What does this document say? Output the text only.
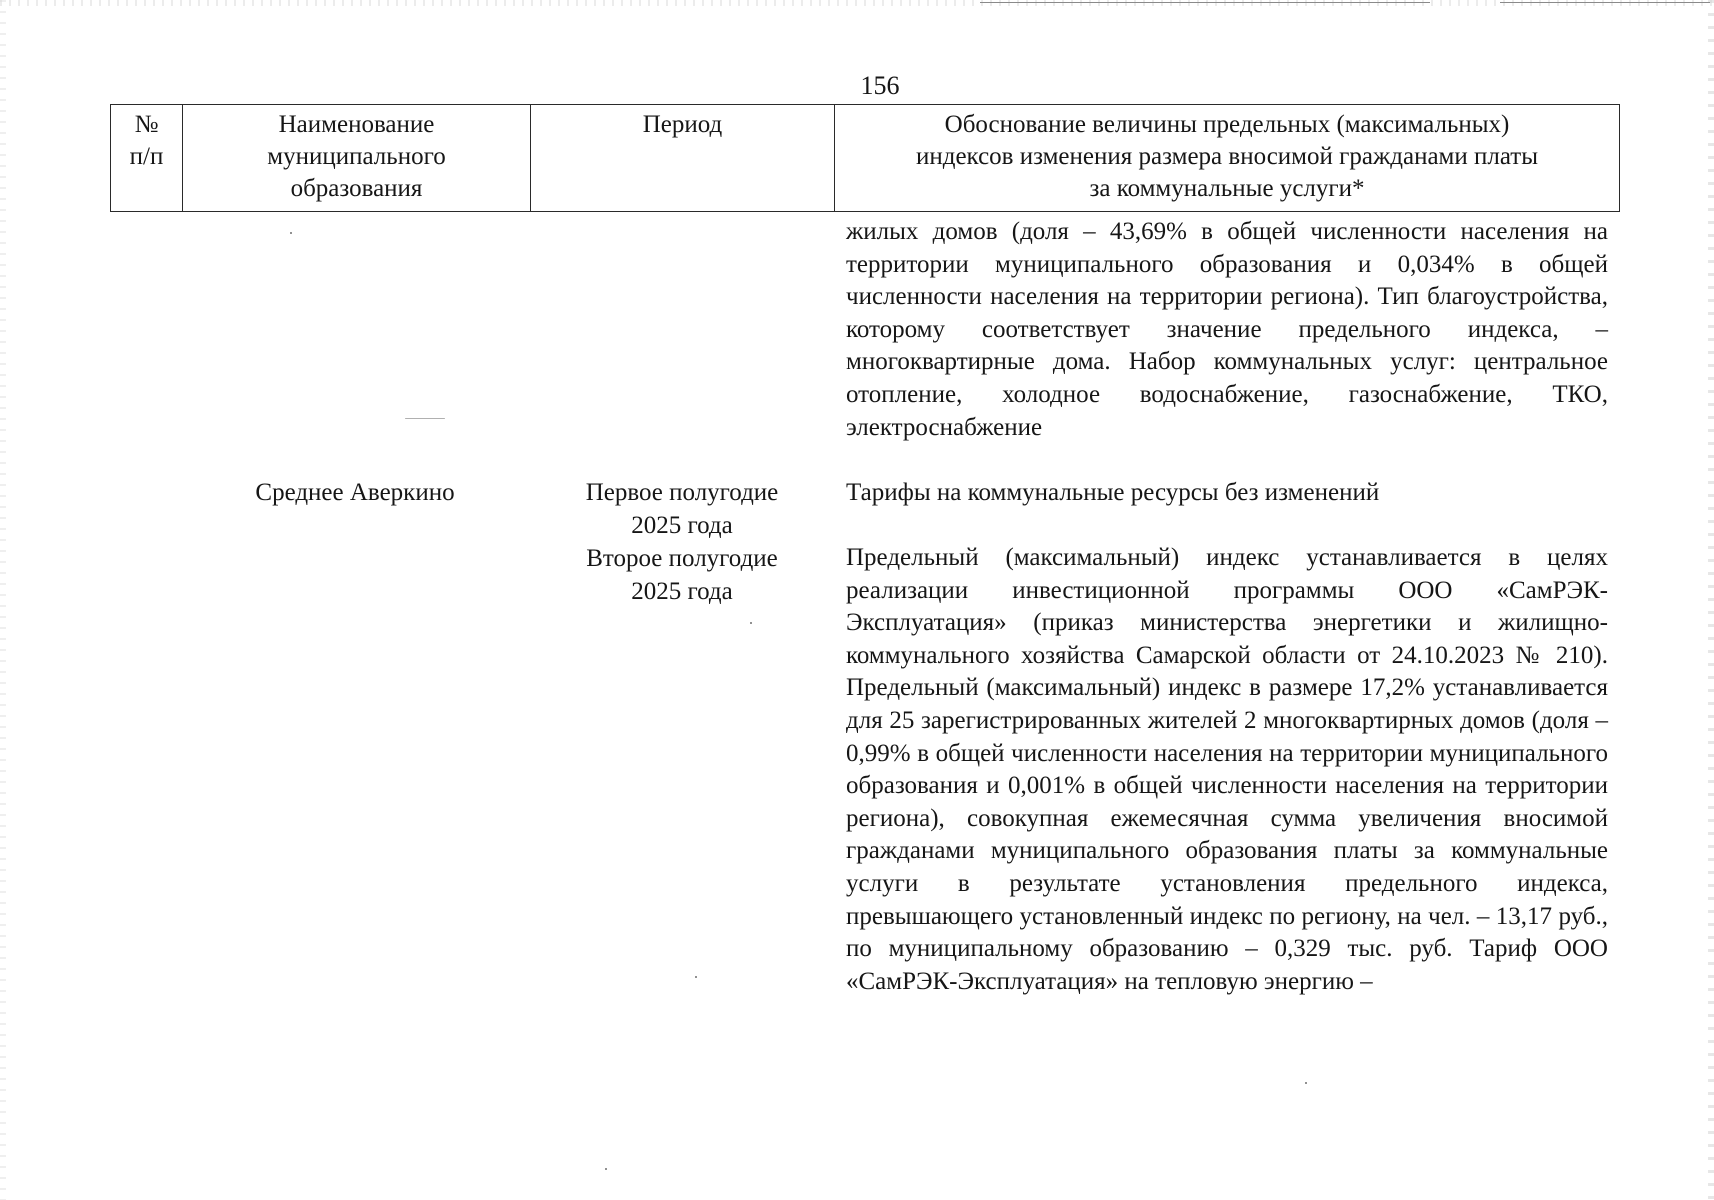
156
№
п/п
Наименование
муниципального
образования
Период	Обоснование величины предельных (максимальных)
индексов изменения размера вносимой гражданами платы
за коммунальные услуги*
жилых домов (доля – 43,69% в общей численности населения на территории муниципального образования и 0,034% в общей численности населения на территории региона). Тип благоустройства, которому соответствует значение предельного индекса, – многоквартирные дома. Набор коммунальных услуг: центральное отопление, холодное водоснабжение, газоснабжение, ТКО, электроснабжение
Тарифы на коммунальные ресурсы без изменений
Предельный (максимальный) индекс устанавливается в целях реализации инвестиционной программы ООО «СамРЭК-Эксплуатация» (приказ министерства энергетики и жилищно-коммунального хозяйства Самарской области от 24.10.2023 № 210). Предельный (максимальный) индекс в размере 17,2% устанавливается для 25 зарегистрированных жителей 2 многоквартирных домов (доля – 0,99% в общей численности населения на территории муниципального образования и 0,001% в общей численности населения на территории региона), совокупная ежемесячная сумма увеличения вносимой гражданами муниципального образования платы за коммунальные услуги в результате установления предельного индекса, превышающего установленный индекс по региону, на чел. – 13,17 руб., по муниципальному образованию – 0,329 тыс. руб. Тариф ООО «СамРЭК-Эксплуатация» на тепловую энергию –
Среднее Аверкино	Первое полугодие
2025 года
Второе полугодие
2025 года
